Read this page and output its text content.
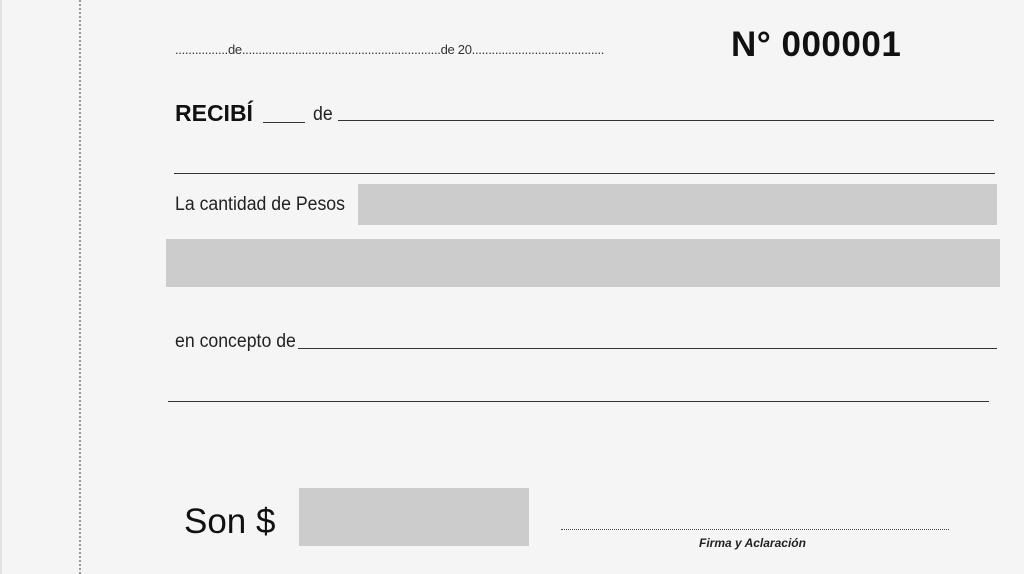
................de............................................................de 20........................................	N° 000001
RECIBÍ	de
La cantidad de Pesos
en concepto de
Son $
Firma y Aclaración
